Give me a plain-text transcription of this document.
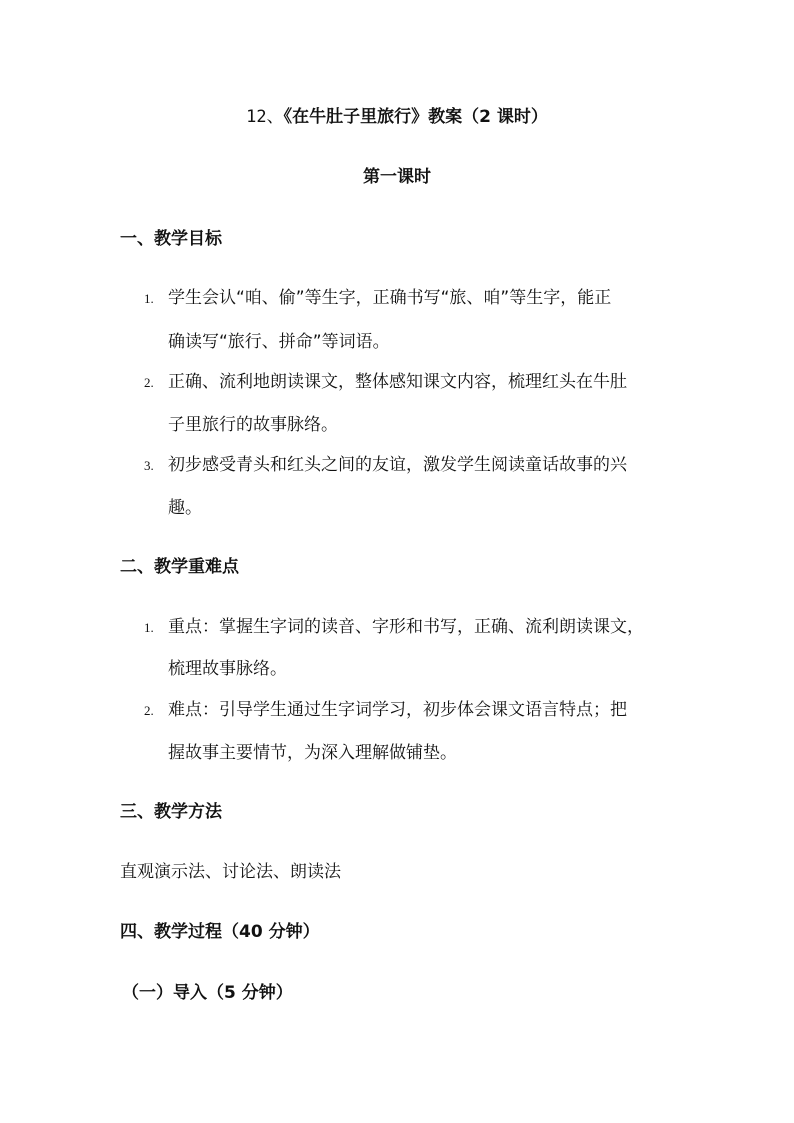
12、《在牛肚子里旅行》教案（2 课时）
第一课时
一、教学目标
1. 学生会认“咱、偷”等生字，正确书写“旅、咱”等生字，能正
确读写“旅行、拼命”等词语。
2. 正确、流利地朗读课文，整体感知课文内容，梳理红头在牛肚
子里旅行的故事脉络。
3. 初步感受青头和红头之间的友谊，激发学生阅读童话故事的兴
趣。
二、教学重难点
1. 重点：掌握生字词的读音、字形和书写，正确、流利朗读课文，
梳理故事脉络。
2. 难点：引导学生通过生字词学习，初步体会课文语言特点；把
握故事主要情节，为深入理解做铺垫。
三、教学方法
直观演示法、讨论法、朗读法
四、教学过程（40 分钟）
（一）导入（5 分钟）
